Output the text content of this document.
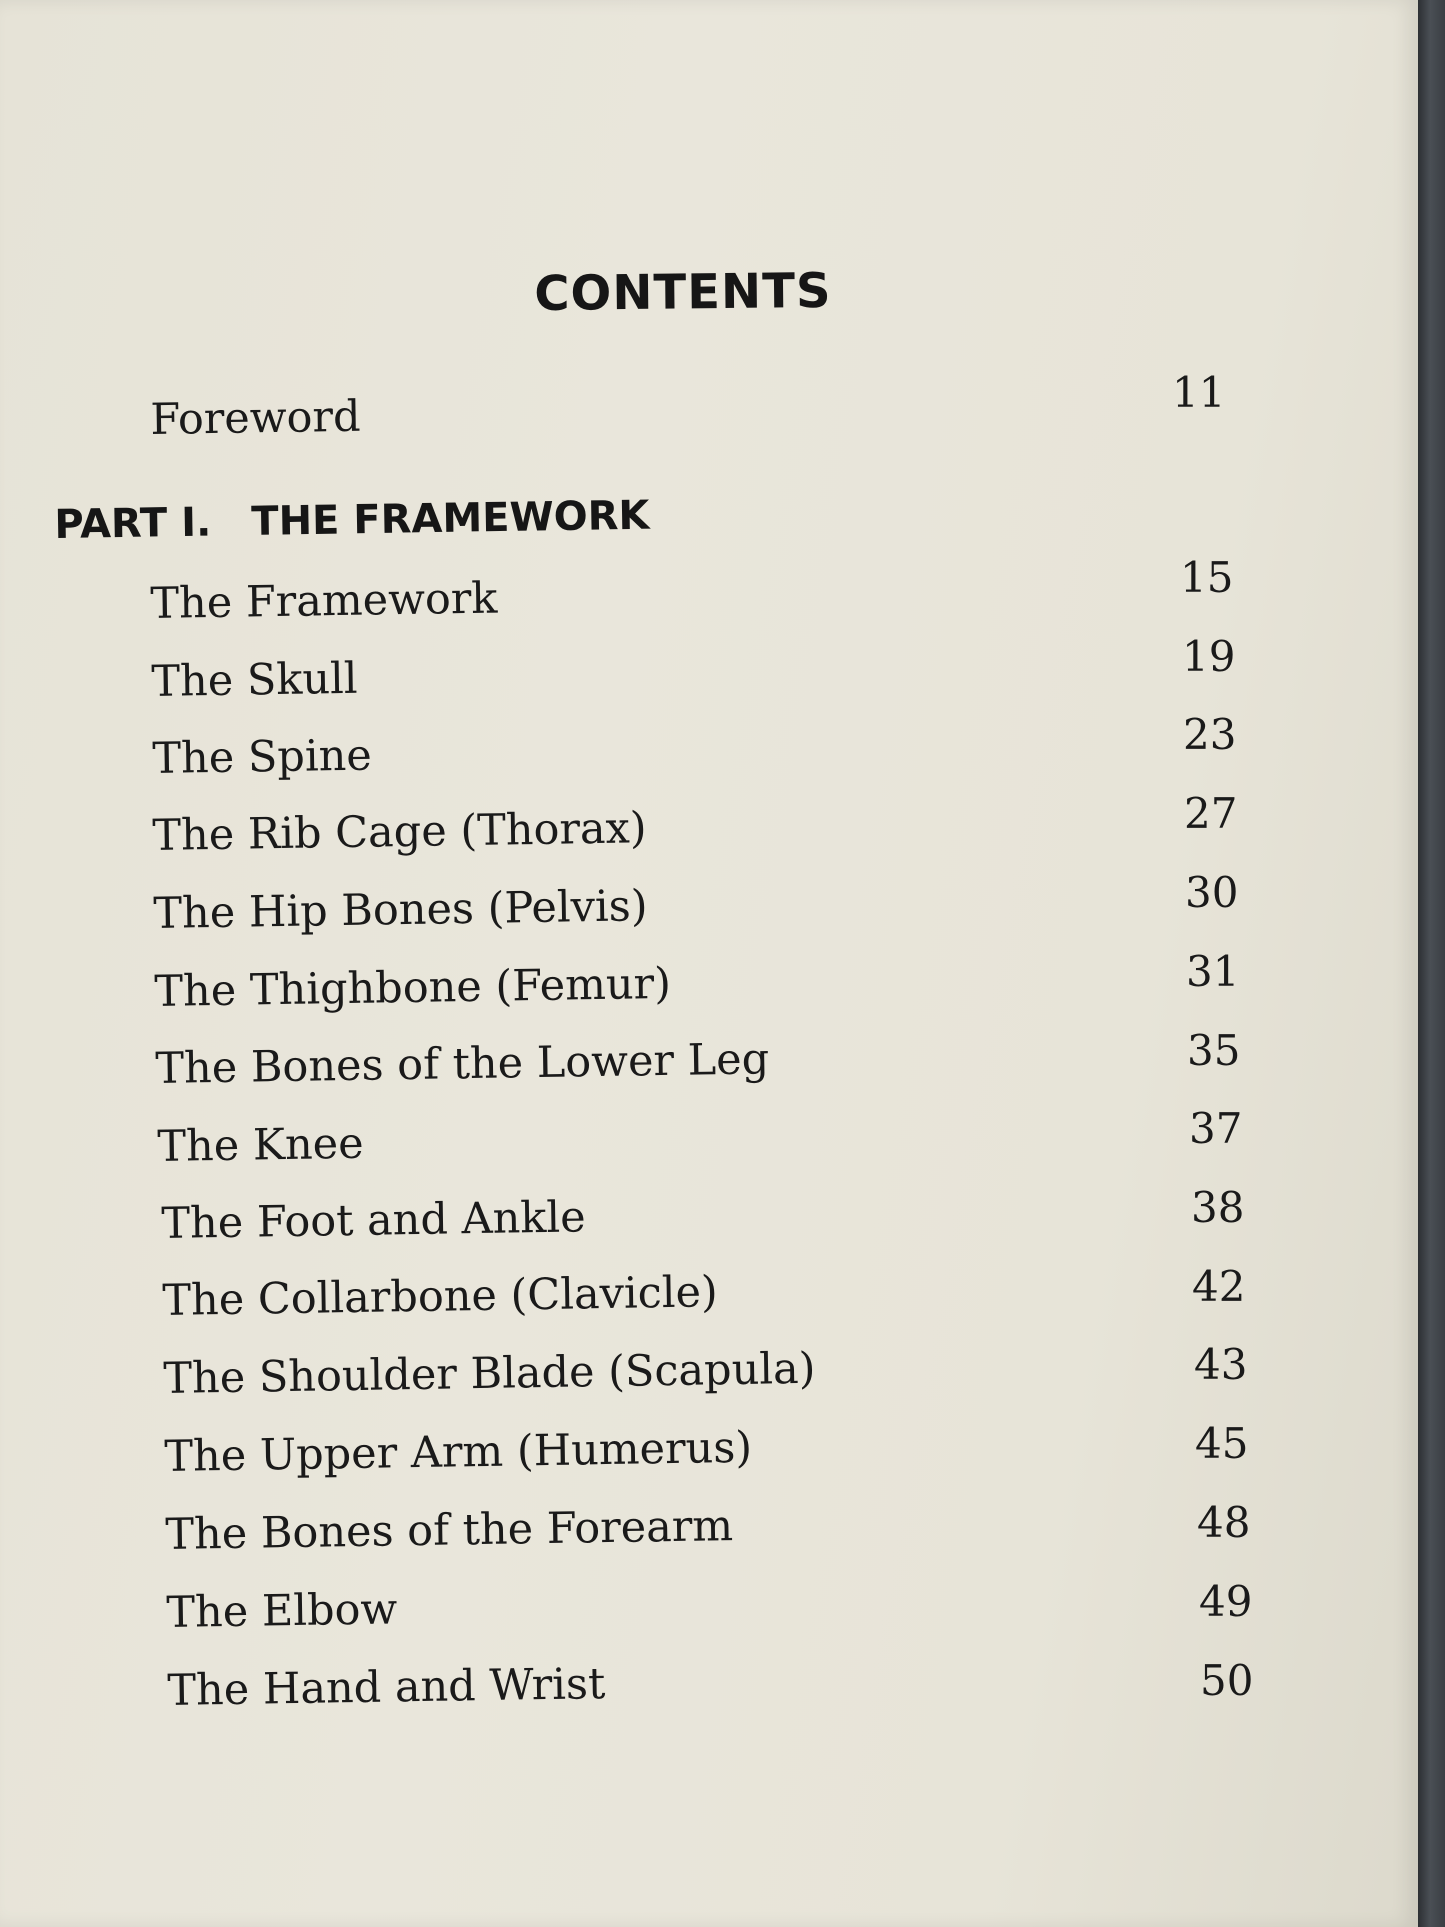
CONTENTS
Foreword	11
PART I. THE FRAMEWORK
The Framework	15
The Skull	19
The Spine	23
The Rib Cage (Thorax)	27
The Hip Bones (Pelvis)	30
The Thighbone (Femur)	31
The Bones of the Lower Leg	35
The Knee	37
The Foot and Ankle	38
The Collarbone (Clavicle)	42
The Shoulder Blade (Scapula)	43
The Upper Arm (Humerus)	45
The Bones of the Forearm	48
The Elbow	49
The Hand and Wrist	50
